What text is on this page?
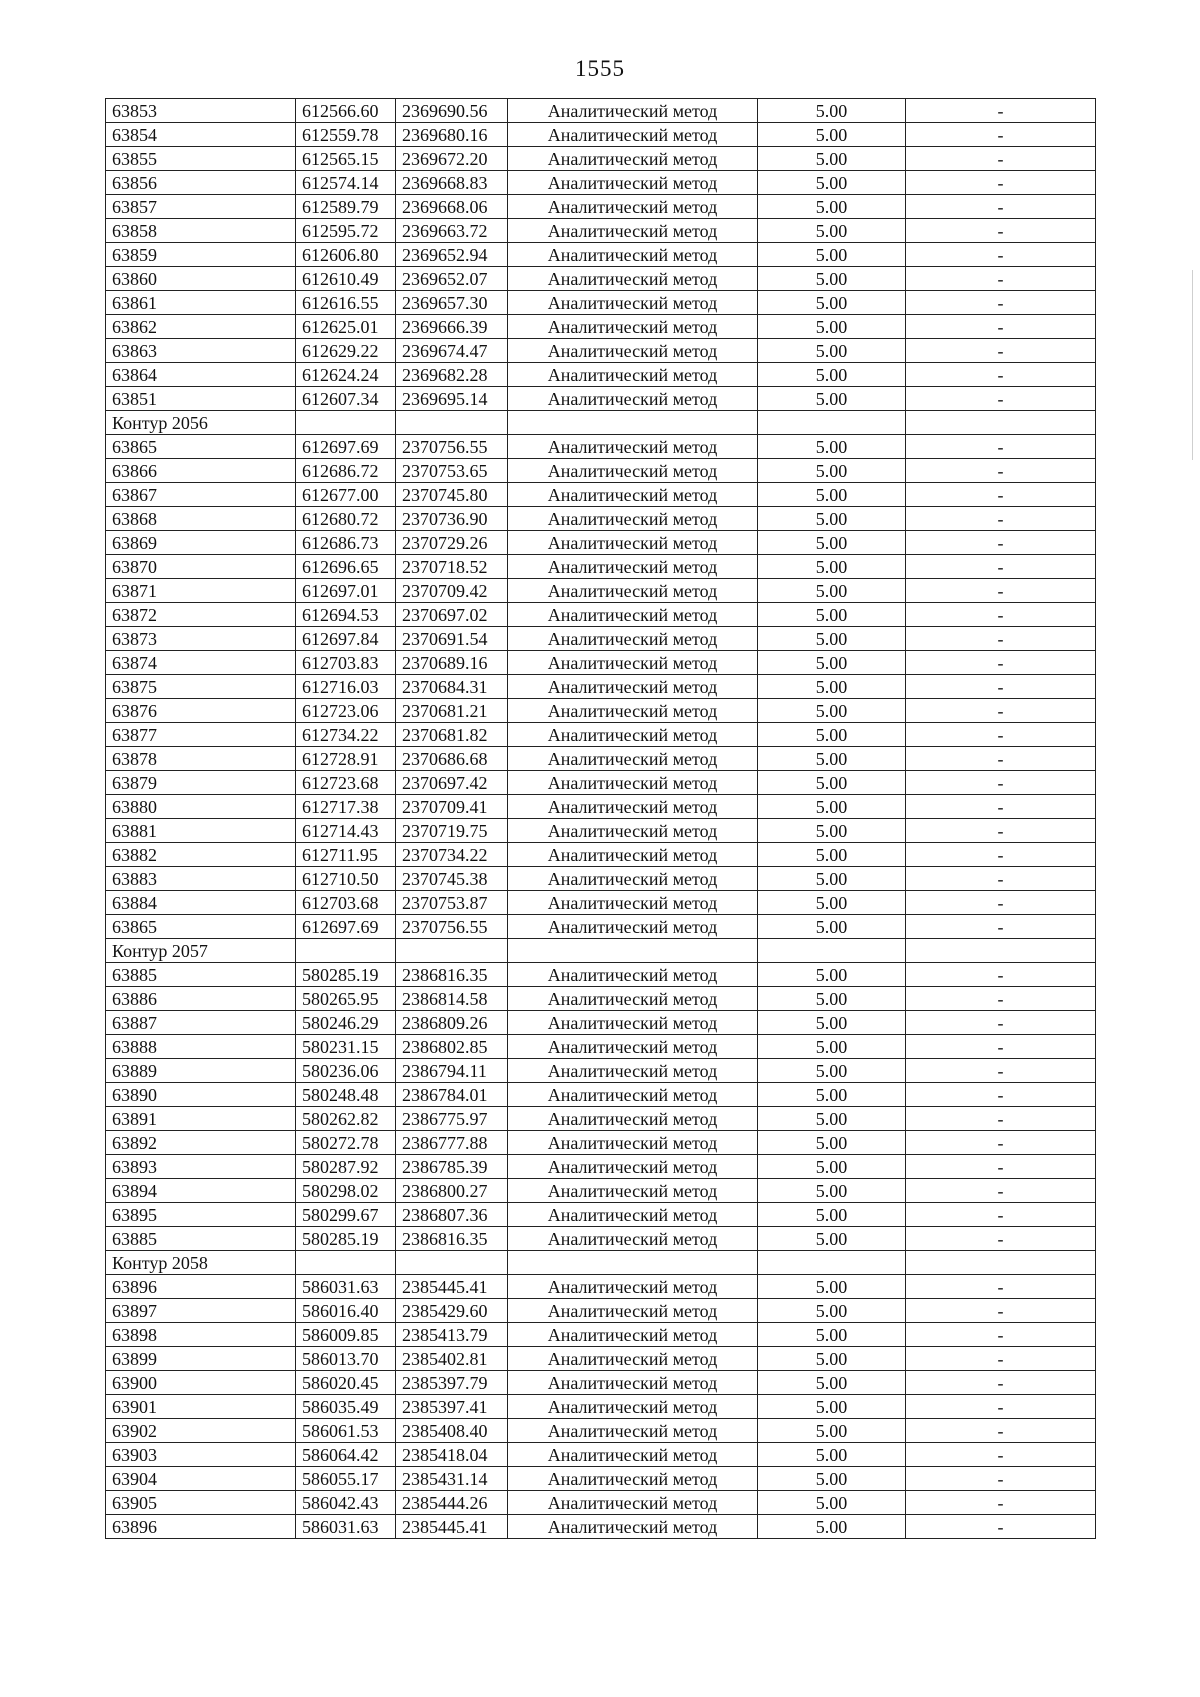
1555
63853	612566.60	2369690.56	Аналитический метод	5.00	-
63854	612559.78	2369680.16	Аналитический метод	5.00	-
63855	612565.15	2369672.20	Аналитический метод	5.00	-
63856	612574.14	2369668.83	Аналитический метод	5.00	-
63857	612589.79	2369668.06	Аналитический метод	5.00	-
63858	612595.72	2369663.72	Аналитический метод	5.00	-
63859	612606.80	2369652.94	Аналитический метод	5.00	-
63860	612610.49	2369652.07	Аналитический метод	5.00	-
63861	612616.55	2369657.30	Аналитический метод	5.00	-
63862	612625.01	2369666.39	Аналитический метод	5.00	-
63863	612629.22	2369674.47	Аналитический метод	5.00	-
63864	612624.24	2369682.28	Аналитический метод	5.00	-
63851	612607.34	2369695.14	Аналитический метод	5.00	-
Контур 2056					
63865	612697.69	2370756.55	Аналитический метод	5.00	-
63866	612686.72	2370753.65	Аналитический метод	5.00	-
63867	612677.00	2370745.80	Аналитический метод	5.00	-
63868	612680.72	2370736.90	Аналитический метод	5.00	-
63869	612686.73	2370729.26	Аналитический метод	5.00	-
63870	612696.65	2370718.52	Аналитический метод	5.00	-
63871	612697.01	2370709.42	Аналитический метод	5.00	-
63872	612694.53	2370697.02	Аналитический метод	5.00	-
63873	612697.84	2370691.54	Аналитический метод	5.00	-
63874	612703.83	2370689.16	Аналитический метод	5.00	-
63875	612716.03	2370684.31	Аналитический метод	5.00	-
63876	612723.06	2370681.21	Аналитический метод	5.00	-
63877	612734.22	2370681.82	Аналитический метод	5.00	-
63878	612728.91	2370686.68	Аналитический метод	5.00	-
63879	612723.68	2370697.42	Аналитический метод	5.00	-
63880	612717.38	2370709.41	Аналитический метод	5.00	-
63881	612714.43	2370719.75	Аналитический метод	5.00	-
63882	612711.95	2370734.22	Аналитический метод	5.00	-
63883	612710.50	2370745.38	Аналитический метод	5.00	-
63884	612703.68	2370753.87	Аналитический метод	5.00	-
63865	612697.69	2370756.55	Аналитический метод	5.00	-
Контур 2057					
63885	580285.19	2386816.35	Аналитический метод	5.00	-
63886	580265.95	2386814.58	Аналитический метод	5.00	-
63887	580246.29	2386809.26	Аналитический метод	5.00	-
63888	580231.15	2386802.85	Аналитический метод	5.00	-
63889	580236.06	2386794.11	Аналитический метод	5.00	-
63890	580248.48	2386784.01	Аналитический метод	5.00	-
63891	580262.82	2386775.97	Аналитический метод	5.00	-
63892	580272.78	2386777.88	Аналитический метод	5.00	-
63893	580287.92	2386785.39	Аналитический метод	5.00	-
63894	580298.02	2386800.27	Аналитический метод	5.00	-
63895	580299.67	2386807.36	Аналитический метод	5.00	-
63885	580285.19	2386816.35	Аналитический метод	5.00	-
Контур 2058					
63896	586031.63	2385445.41	Аналитический метод	5.00	-
63897	586016.40	2385429.60	Аналитический метод	5.00	-
63898	586009.85	2385413.79	Аналитический метод	5.00	-
63899	586013.70	2385402.81	Аналитический метод	5.00	-
63900	586020.45	2385397.79	Аналитический метод	5.00	-
63901	586035.49	2385397.41	Аналитический метод	5.00	-
63902	586061.53	2385408.40	Аналитический метод	5.00	-
63903	586064.42	2385418.04	Аналитический метод	5.00	-
63904	586055.17	2385431.14	Аналитический метод	5.00	-
63905	586042.43	2385444.26	Аналитический метод	5.00	-
63896	586031.63	2385445.41	Аналитический метод	5.00	-
